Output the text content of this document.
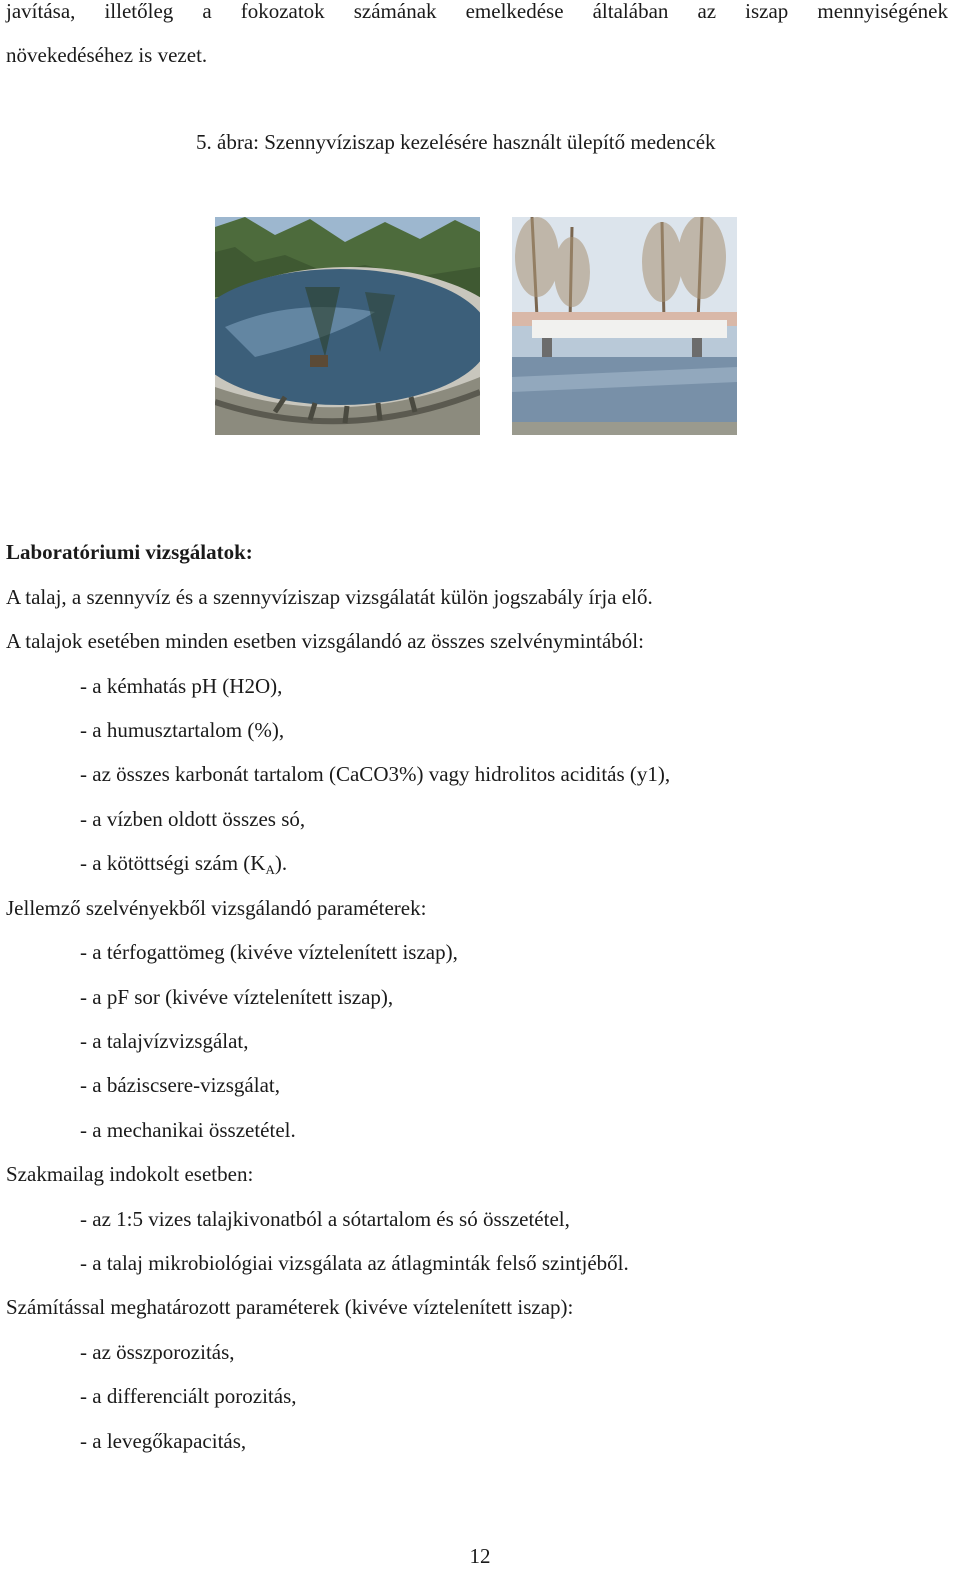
javítása, illetőleg a fokozatok számának emelkedése általában az iszap mennyiségének
növekedéséhez is vezet.
5. ábra: Szennyvíziszap kezelésére használt ülepítő medencék
Laboratóriumi vizsgálatok:
A talaj, a szennyvíz és a szennyvíziszap vizsgálatát külön jogszabály írja elő.
A talajok esetében minden esetben vizsgálandó az összes szelvénymintából:
- a kémhatás pH (H2O),
- a humusztartalom (%),
- az összes karbonát tartalom (CaCO3%) vagy hidrolitos aciditás (y1),
- a vízben oldott összes só,
- a kötöttségi szám $(K_A)$.
Jellemző szelvényekből vizsgálandó paraméterek:
- a térfogattömeg (kivéve víztelenített iszap),
- a pF sor (kivéve víztelenített iszap),
- a talajvízvizsgálat,
- a báziscsere-vizsgálat,
- a mechanikai összetétel.
Szakmailag indokolt esetben:
- az 1:5 vizes talajkivonatból a sótartalom és só összetétel,
- a talaj mikrobiológiai vizsgálata az átlagminták felső szintjéből.
Számítással meghatározott paraméterek (kivéve víztelenített iszap):
- az összporozitás,
- a differenciált porozitás,
- a levegőkapacitás,
12
